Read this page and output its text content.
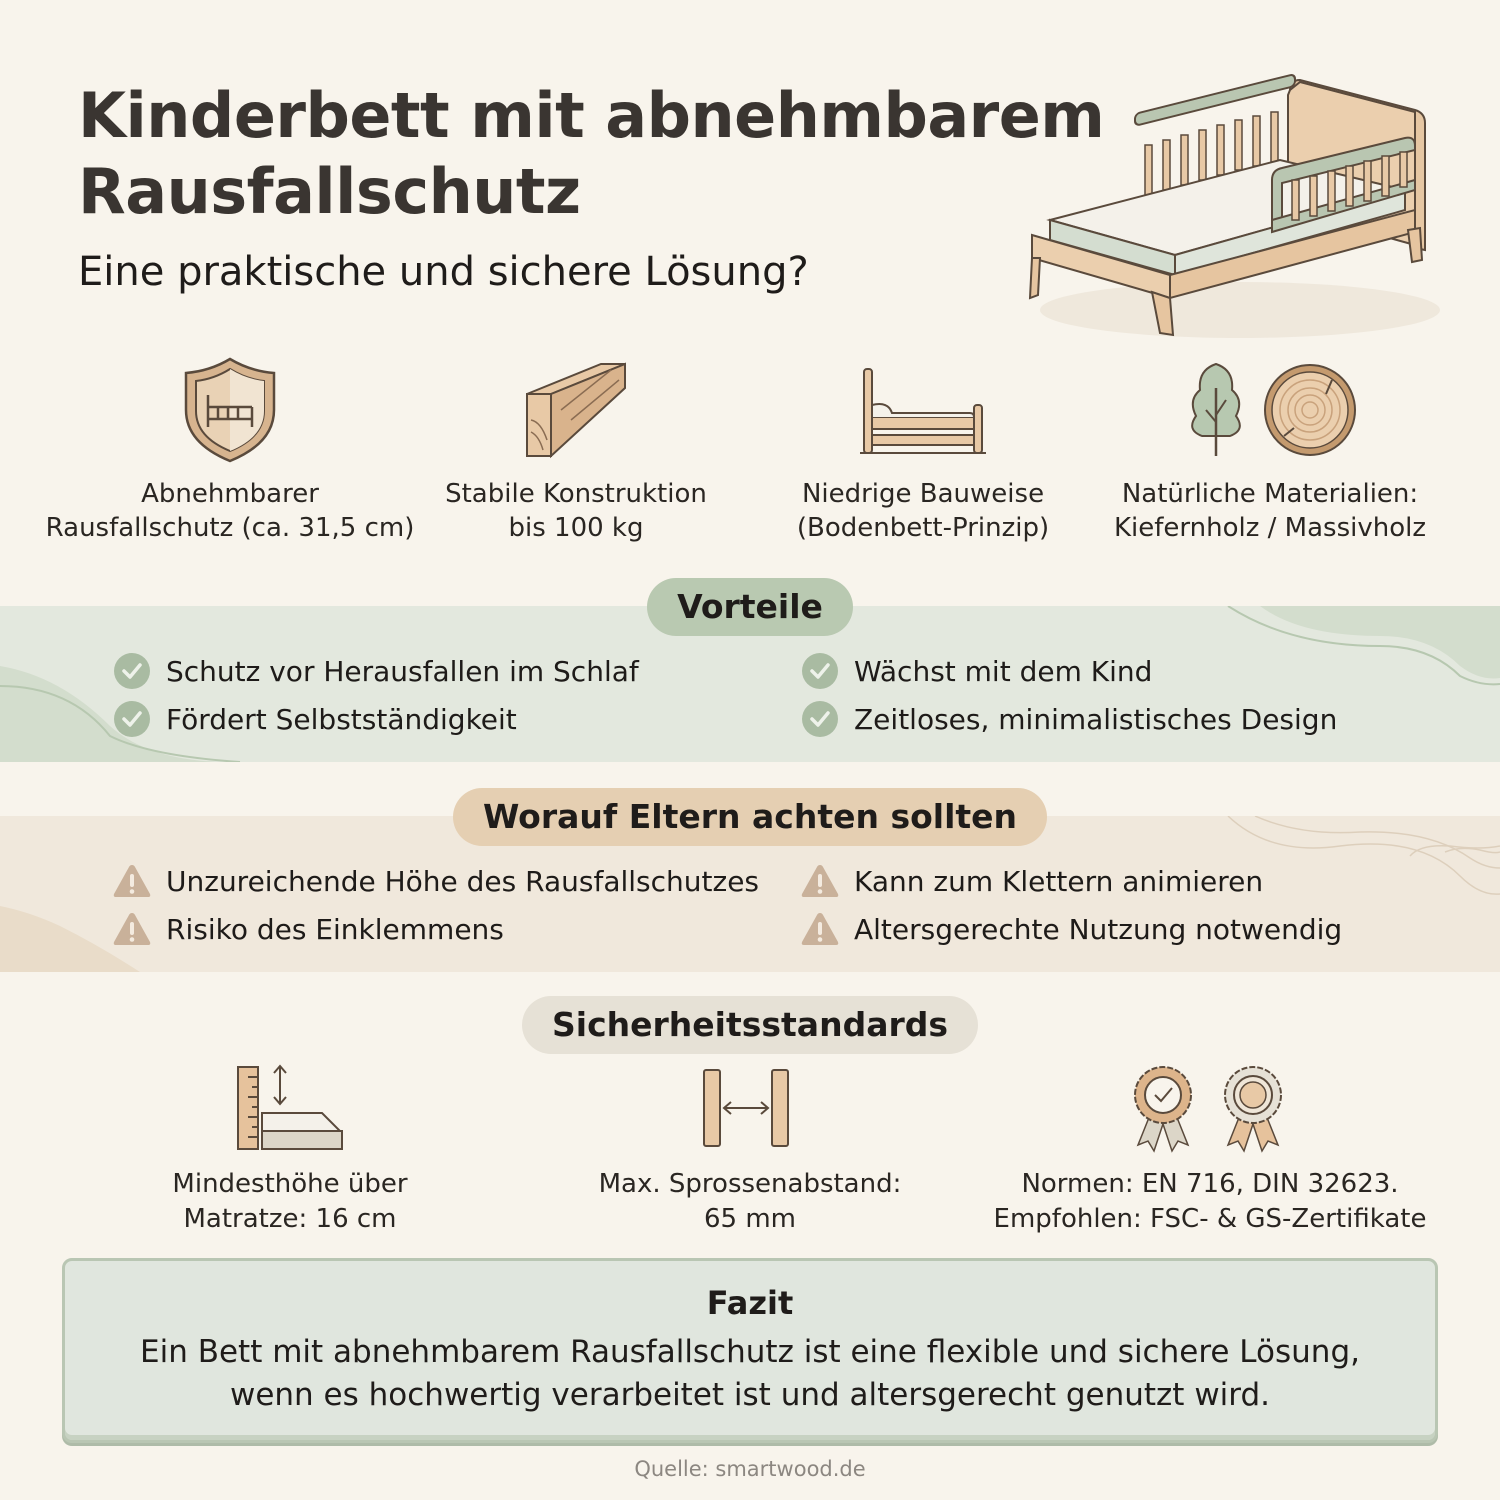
Kinderbett mit abnehmbarem
Rausfallschutz
Eine praktische und sichere Lösung?
Abnehmbarer
Rausfallschutz (ca. 31,5 cm)
Stabile Konstruktion
bis 100 kg
Niedrige Bauweise
(Bodenbett-Prinzip)
Natürliche Materialien:
Kiefernholz / Massivholz
Vorteile
Schutz vor Herausfallen im Schlaf
Fördert Selbstständigkeit
Wächst mit dem Kind
Zeitloses, minimalistisches Design
Worauf Eltern achten sollten
Unzureichende Höhe des Rausfallschutzes
Risiko des Einklemmens
Kann zum Klettern animieren
Altersgerechte Nutzung notwendig
Sicherheitsstandards
Mindesthöhe über
Matratze: 16 cm
Max. Sprossenabstand:
65 mm
Normen: EN 716, DIN 32623.
Empfohlen: FSC- & GS-Zertifikate
Fazit
Ein Bett mit abnehmbarem Rausfallschutz ist eine flexible und sichere Lösung,
wenn es hochwertig verarbeitet ist und altersgerecht genutzt wird.
Quelle: smartwood.de
